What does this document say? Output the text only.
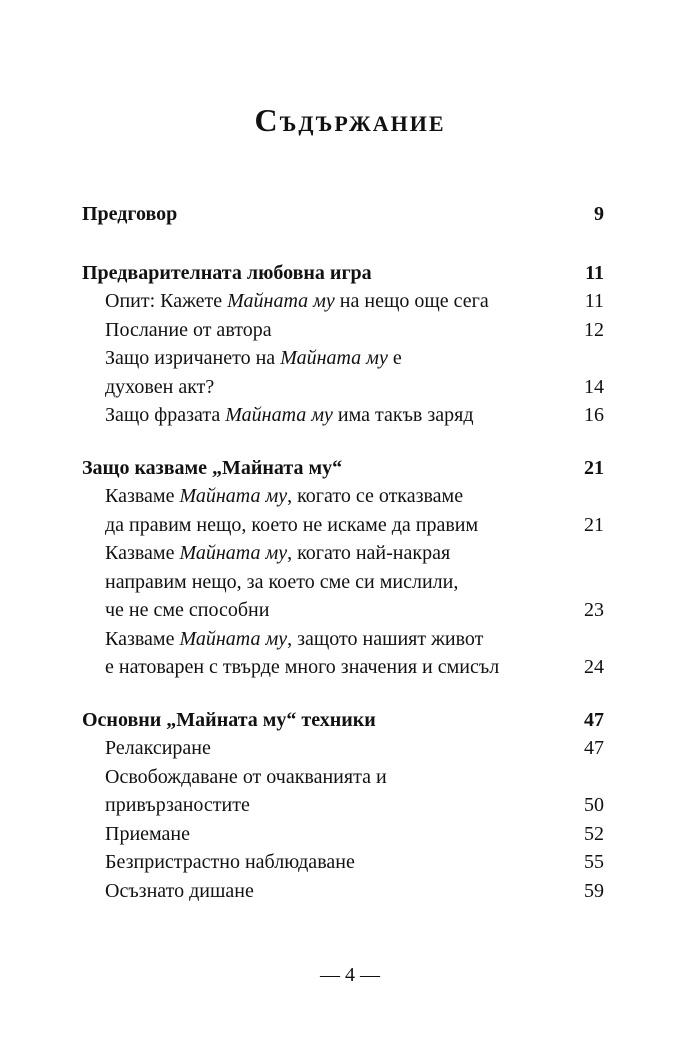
Съдържание
Предговор	9
Предварителната любовна игра	11
Опит: Кажете Майната му на нещо още сега	11
Послание от автора	12
Защо изричането на Майната му е
духовен акт?	14
Защо фразата Майната му има такъв заряд	16
Защо казваме „Майната му“	21
Казваме Майната му, когато се отказваме
да правим нещо, което не искаме да правим	21
Казваме Майната му, когато най-накрая
направим нещо, за което сме си мислили,
че не сме способни	23
Казваме Майната му, защото нашият живот
е натоварен с твърде много значения и смисъл	24
Основни „Майната му“ техники	47
Релаксиране	47
Освобождаване от очакванията и
привързаностите	50
Приемане	52
Безпристрастно наблюдаване	55
Осъзнато дишане	59
— 4 —
